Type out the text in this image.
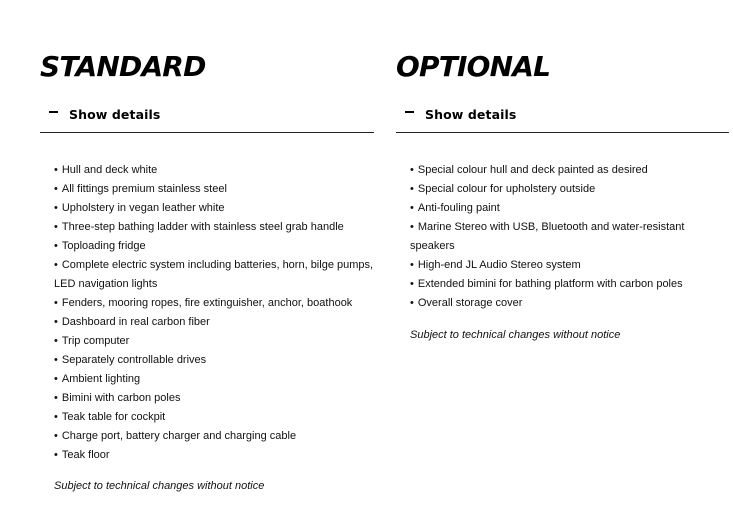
STANDARD
Show details
• Hull and deck white
• All fittings premium stainless steel
• Upholstery in vegan leather white
• Three-step bathing ladder with stainless steel grab handle
• Toploading fridge
• Complete electric system including batteries, horn, bilge pumps, LED navigation lights
• Fenders, mooring ropes, fire extinguisher, anchor, boathook
• Dashboard in real carbon fiber
• Trip computer
• Separately controllable drives
• Ambient lighting
• Bimini with carbon poles
• Teak table for cockpit
• Charge port, battery charger and charging cable
• Teak floor

Subject to technical changes without notice

OPTIONAL
Show details
• Special colour hull and deck painted as desired
• Special colour for upholstery outside
• Anti-fouling paint
• Marine Stereo with USB, Bluetooth and water-resistant speakers
• High-end JL Audio Stereo system
• Extended bimini for bathing platform with carbon poles
• Overall storage cover

Subject to technical changes without notice
